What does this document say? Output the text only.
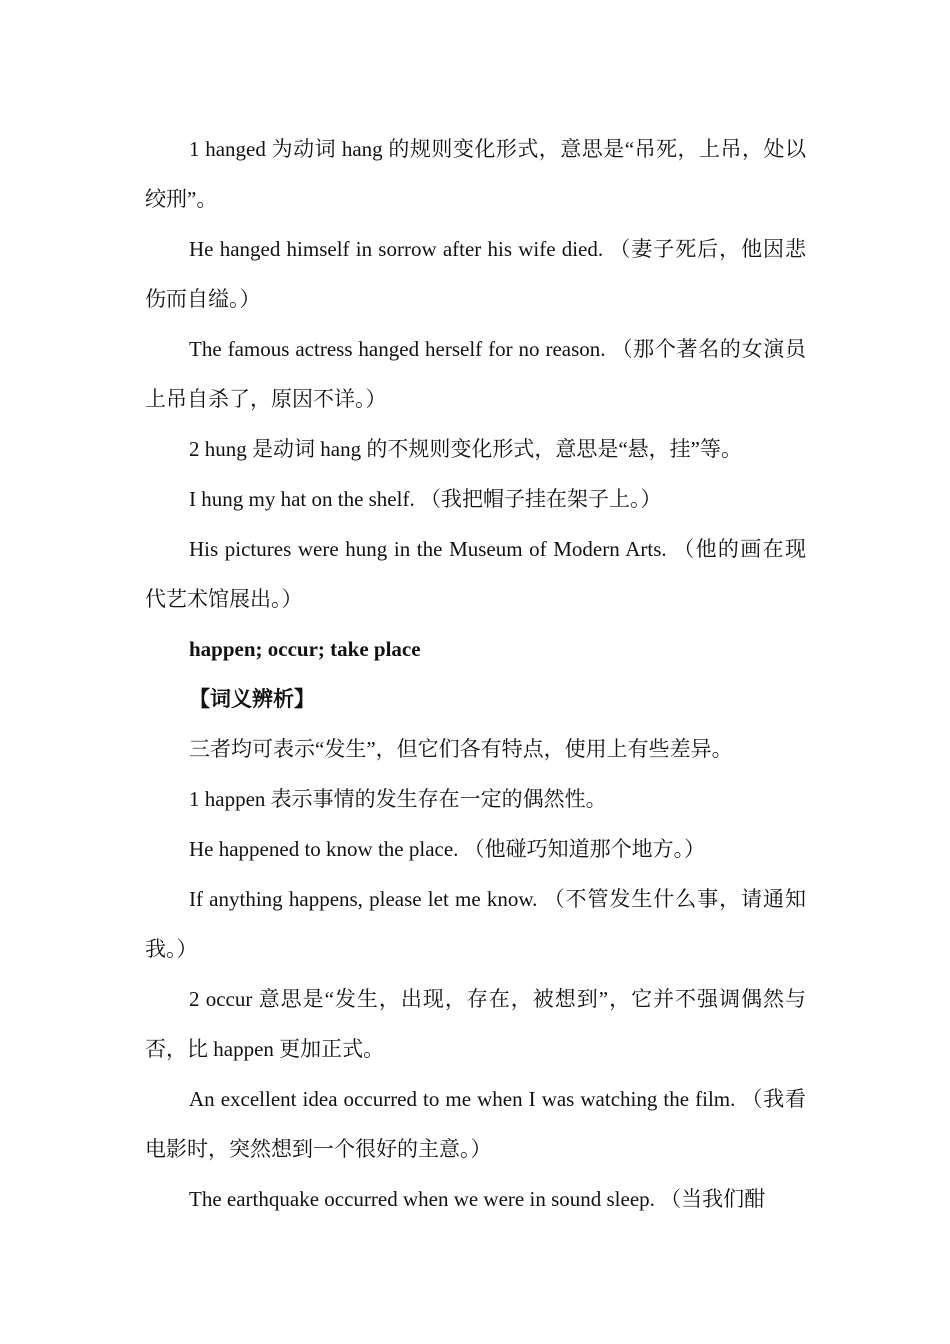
1 hanged 为动词 hang 的规则变化形式，意思是“吊死，上吊，处以绞刑”。

He hanged himself in sorrow after his wife died. （妻子死后，他因悲伤而自缢。）

The famous actress hanged herself for no reason. （那个著名的女演员上吊自杀了，原因不详。）

2 hung 是动词 hang 的不规则变化形式，意思是“悬，挂”等。

I hung my hat on the shelf. （我把帽子挂在架子上。）

His pictures were hung in the Museum of Modern Arts. （他的画在现代艺术馆展出。）

happen; occur; take place

【词义辨析】

三者均可表示“发生”，但它们各有特点，使用上有些差异。

1 happen 表示事情的发生存在一定的偶然性。

He happened to know the place. （他碰巧知道那个地方。）

If anything happens, please let me know. （不管发生什么事，请通知我。）

2 occur 意思是“发生，出现，存在，被想到”，它并不强调偶然与否，比 happen 更加正式。

An excellent idea occurred to me when I was watching the film. （我看电影时，突然想到一个很好的主意。）

The earthquake occurred when we were in sound sleep. （当我们酣
